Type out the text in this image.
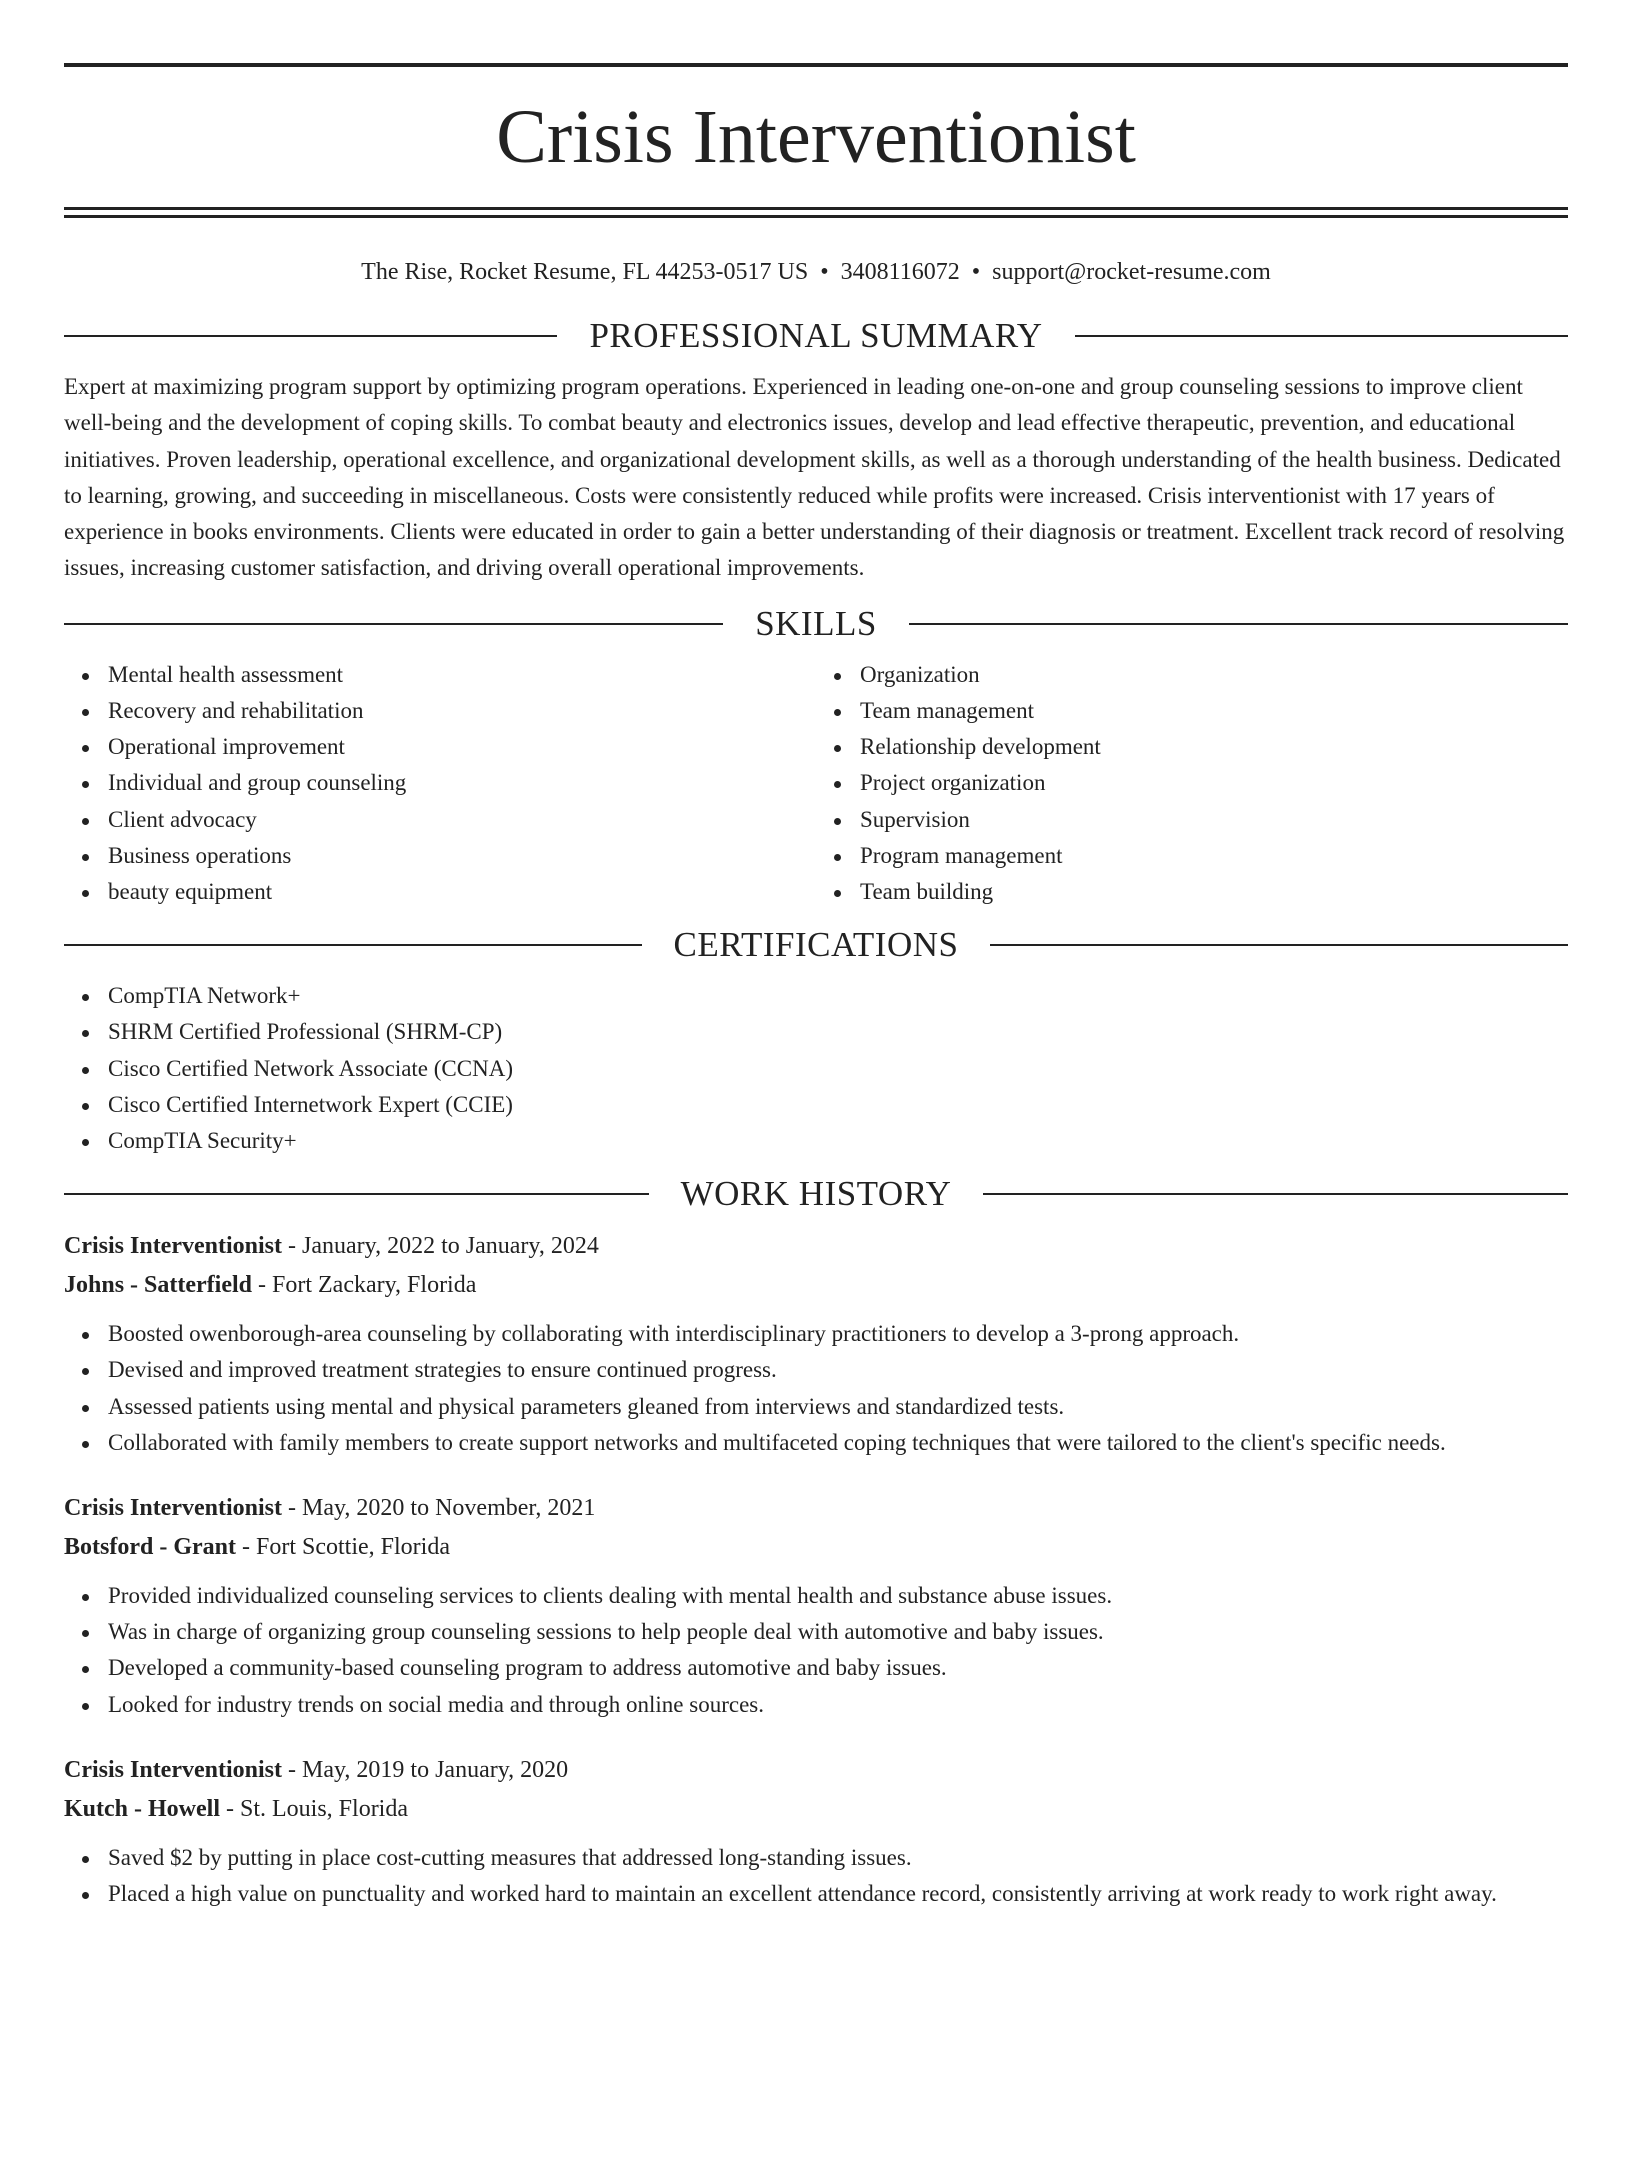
Crisis Interventionist
The Rise, Rocket Resume, FL 44253-0517 US • 3408116072 • support@rocket-resume.com
PROFESSIONAL SUMMARY

Expert at maximizing program support by optimizing program operations. Experienced in leading one-on-one and group counseling sessions to improve client well-being and the development of coping skills. To combat beauty and electronics issues, develop and lead effective therapeutic, prevention, and educational initiatives. Proven leadership, operational excellence, and organizational development skills, as well as a thorough understanding of the health business. Dedicated to learning, growing, and succeeding in miscellaneous. Costs were consistently reduced while profits were increased. Crisis interventionist with 17 years of experience in books environments. Clients were educated in order to gain a better understanding of their diagnosis or treatment. Excellent track record of resolving issues, increasing customer satisfaction, and driving overall operational improvements.

SKILLS
Mental health assessment
Recovery and rehabilitation
Operational improvement
Individual and group counseling
Client advocacy
Business operations
beauty equipment
Organization
Team management
Relationship development
Project organization
Supervision
Program management
Team building
CERTIFICATIONS
CompTIA Network+
SHRM Certified Professional (SHRM-CP)
Cisco Certified Network Associate (CCNA)
Cisco Certified Internetwork Expert (CCIE)
CompTIA Security+
WORK HISTORY
Crisis Interventionist - January, 2022 to January, 2024
Johns - Satterfield - Fort Zackary, Florida
Boosted owenborough-area counseling by collaborating with interdisciplinary practitioners to develop a 3-prong approach.
Devised and improved treatment strategies to ensure continued progress.
Assessed patients using mental and physical parameters gleaned from interviews and standardized tests.
Collaborated with family members to create support networks and multifaceted coping techniques that were tailored to the client's specific needs.
Crisis Interventionist - May, 2020 to November, 2021
Botsford - Grant - Fort Scottie, Florida
Provided individualized counseling services to clients dealing with mental health and substance abuse issues.
Was in charge of organizing group counseling sessions to help people deal with automotive and baby issues.
Developed a community-based counseling program to address automotive and baby issues.
Looked for industry trends on social media and through online sources.
Crisis Interventionist - May, 2019 to January, 2020
Kutch - Howell - St. Louis, Florida
Saved $2 by putting in place cost-cutting measures that addressed long-standing issues.
Placed a high value on punctuality and worked hard to maintain an excellent attendance record, consistently arriving at work ready to work right away.
